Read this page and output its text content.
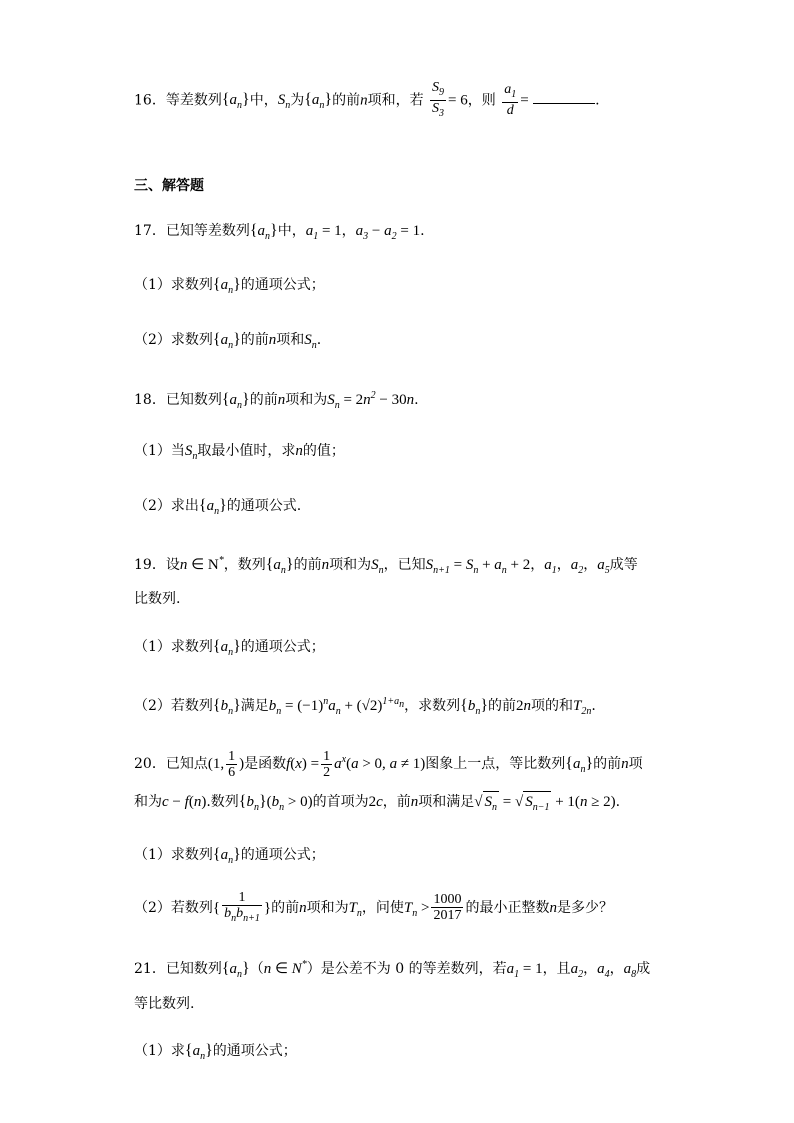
16．等差数列$\{a_n\}$中，$S_n$为$\{a_n\}$的前n项和，若 $\frac{S_9}{S_3} = 6$，则 $\frac{a_1}{d}$ =	.
三、解答题
17．已知等差数列$\{a_n\}$中，$a_1 = 1$，$a_3 - a_2 = 1$.
（1）求数列$\{a_n\}$的通项公式；
（2）求数列$\{a_n\}$的前n项和$S_n$.
18．已知数列$\{a_n\}$的前n项和为$S_n = 2n^2 - 30n$.
（1）当$S_n$取最小值时，求n的值；
（2）求出$\{a_n\}$的通项公式.
19．设n ∈ N*，数列$\{a_n\}$的前n项和为$S_n$，已知$S_{n+1} = S_n + a_n + 2$，$a_1$，$a_2$，$a_5$成等
比数列.
（1）求数列$\{a_n\}$的通项公式；
（2）若数列$\{b_n\}$满足$b_n = (-1)^na_n + (√2)^{1+a_n}$，求数列$\{b_n\}$的前2n项的和$T_{2n}$.
20．已知点(1, $\frac{1}{6}$ )是函数$f(x) = \frac{1}{2} a^x(a > 0$, a ≠ 1)图象上一点，等比数列$\{a_n\}$的前n项
和为c − f(n).数列$\{b_n\}(b_n > 0)$的首项为2c，前n项和满足√ $S_n$ = √ $S_{n-1} + 1(n \ge 2)$.
（1）求数列$\{a_n\}$的通项公式；
（2）若数列{ $\frac{1}{b_nb_{n+1}}$ }的前n项和为$T_n$，问使$T_n > \frac{1000}{2017}$ 的最小正整数n是多少？
21．已知数列$\{a_n\}(n$ ∈ N*）是公差不为 0 的等差数列，若$a_1 = 1$，且$a_2$，$a_4$，$a_8$成
等比数列.
（1）求$\{a_n\}$的通项公式；
